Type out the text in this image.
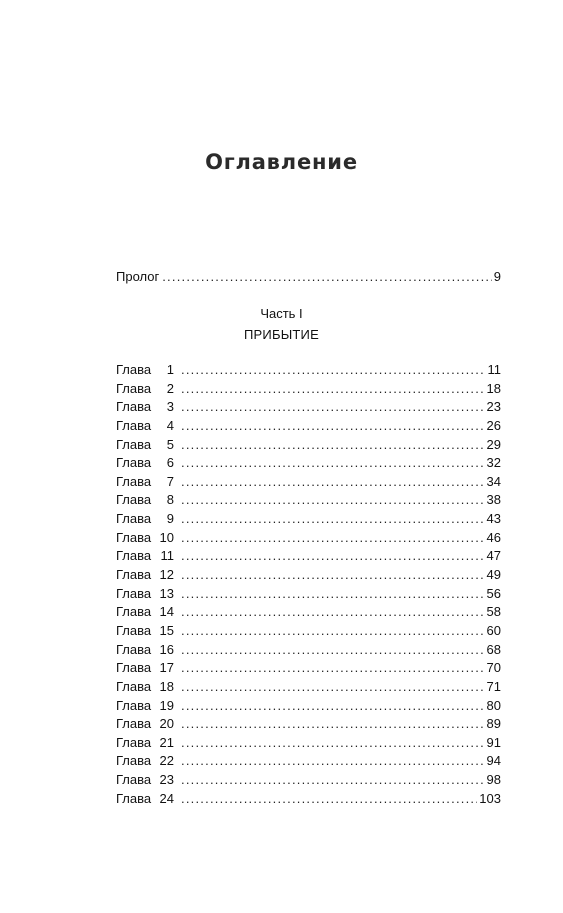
Оглавление
Пролог . . .	9
Часть I
ПРИБЫТИЕ
Глава 1 . . .	11
Глава 2 . . .	18
Глава 3 . . .	23
Глава 4 . . .	26
Глава 5 . . .	29
Глава 6 . . .	32
Глава 7 . . .	34
Глава 8 . . .	38
Глава 9 . . .	43
Глава 10 . . .	46
Глава 11 . . .	47
Глава 12 . . .	49
Глава 13 . . .	56
Глава 14 . . .	58
Глава 15 . . .	60
Глава 16 . . .	68
Глава 17 . . .	70
Глава 18 . . .	71
Глава 19 . . .	80
Глава 20 . . .	89
Глава 21 . . .	91
Глава 22 . . .	94
Глава 23 . . .	98
Глава 24 . . .	103
